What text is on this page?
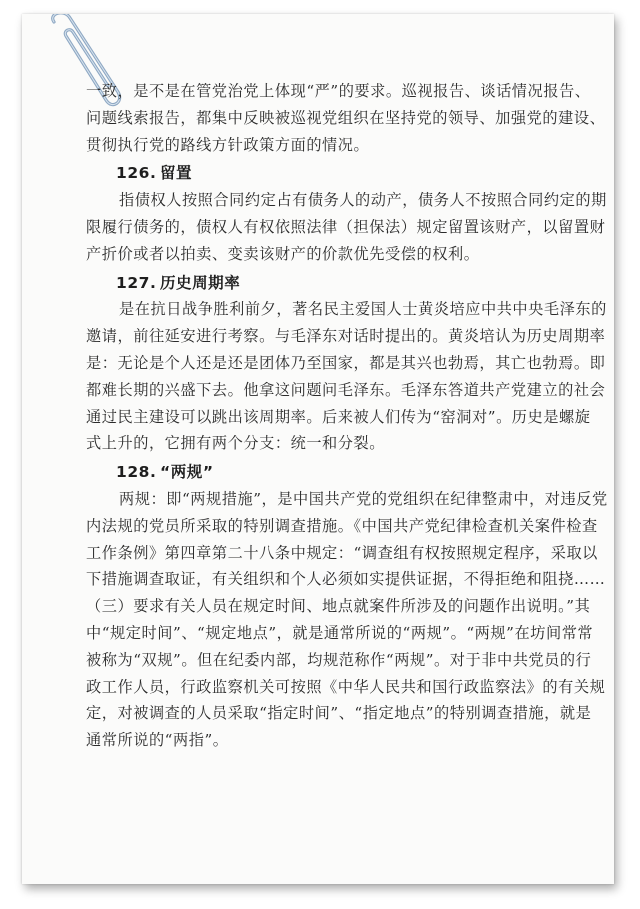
一致，是不是在管党治党上体现“严”的要求。巡视报告、谈话情况报告、
问题线索报告，都集中反映被巡视党组织在坚持党的领导、加强党的建设、
贯彻执行党的路线方针政策方面的情况。
126. 留置
指债权人按照合同约定占有债务人的动产，债务人不按照合同约定的期
限履行债务的，债权人有权依照法律（担保法）规定留置该财产，以留置财
产折价或者以拍卖、变卖该财产的价款优先受偿的权利。
127. 历史周期率
是在抗日战争胜利前夕，著名民主爱国人士黄炎培应中共中央毛泽东的
邀请，前往延安进行考察。与毛泽东对话时提出的。黄炎培认为历史周期率
是：无论是个人还是还是团体乃至国家，都是其兴也勃焉，其亡也勃焉。即
都难长期的兴盛下去。他拿这问题问毛泽东。毛泽东答道共产党建立的社会
通过民主建设可以跳出该周期率。后来被人们传为“窑洞对”。历史是螺旋
式上升的，它拥有两个分支：统一和分裂。
128. “两规”
两规：即“两规措施”，是中国共产党的党组织在纪律整肃中，对违反党
内法规的党员所采取的特别调查措施。《中国共产党纪律检查机关案件检查
工作条例》第四章第二十八条中规定：“调查组有权按照规定程序，采取以
下措施调查取证，有关组织和个人必须如实提供证据，不得拒绝和阻挠……
（三）要求有关人员在规定时间、地点就案件所涉及的问题作出说明。”其
中“规定时间”、“规定地点”，就是通常所说的“两规”。“两规”在坊间常常
被称为“双规”。但在纪委内部，均规范称作“两规”。对于非中共党员的行
政工作人员，行政监察机关可按照《中华人民共和国行政监察法》的有关规
定，对被调查的人员采取“指定时间”、“指定地点”的特别调查措施，就是
通常所说的“两指”。
